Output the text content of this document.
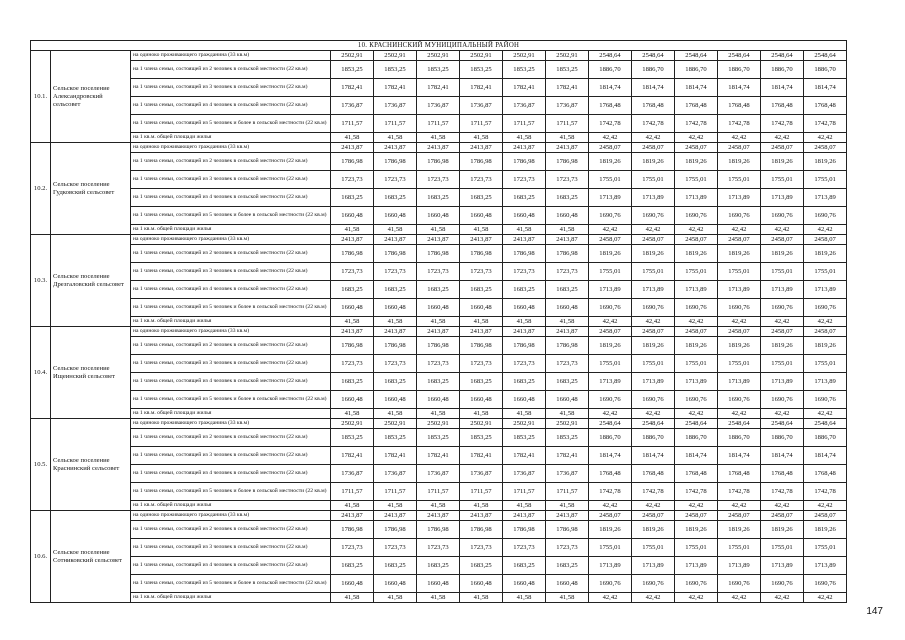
10. КРАСНИНСКИЙ МУНИЦИПАЛЬНЫЙ РАЙОН														
10.1.	Сельское поселение Александровский сельсовет	на одиноко проживающего гражданина (33 кв.м)	2502,91	2502,91	2502,91	2502,91	2502,91	2502,91	2548,64	2548,64	2548,64	2548,64	2548,64	2548,64
		на 1 члена семьи, состоящей из 2 человек в сельской местности (22 кв.м)	1853,25	1853,25	1853,25	1853,25	1853,25	1853,25	1886,70	1886,70	1886,70	1886,70	1886,70	1886,70
		на 1 члена семьи, состоящей из 3 человек в сельской местности (22 кв.м)	1782,41	1782,41	1782,41	1782,41	1782,41	1782,41	1814,74	1814,74	1814,74	1814,74	1814,74	1814,74
		на 1 члена семьи, состоящей из 4 человек в сельской местности (22 кв.м)	1736,87	1736,87	1736,87	1736,87	1736,87	1736,87	1768,48	1768,48	1768,48	1768,48	1768,48	1768,48
		на 1 члена семьи, состоящей из 5 человек и более в сельской местности (22 кв.м)	1711,57	1711,57	1711,57	1711,57	1711,57	1711,57	1742,78	1742,78	1742,78	1742,78	1742,78	1742,78
		на 1 кв.м. общей площади жилья	41,58	41,58	41,58	41,58	41,58	41,58	42,42	42,42	42,42	42,42	42,42	42,42
10.2.	Сельское поселение Гудковский сельсовет	на одиноко проживающего гражданина (33 кв.м)	2413,87	2413,87	2413,87	2413,87	2413,87	2413,87	2458,07	2458,07	2458,07	2458,07	2458,07	2458,07
		на 1 члена семьи, состоящей из 2 человек в сельской местности (22 кв.м)	1786,98	1786,98	1786,98	1786,98	1786,98	1786,98	1819,26	1819,26	1819,26	1819,26	1819,26	1819,26
		на 1 члена семьи, состоящей из 3 человек в сельской местности (22 кв.м)	1723,73	1723,73	1723,73	1723,73	1723,73	1723,73	1755,01	1755,01	1755,01	1755,01	1755,01	1755,01
		на 1 члена семьи, состоящей из 4 человек в сельской местности (22 кв.м)	1683,25	1683,25	1683,25	1683,25	1683,25	1683,25	1713,89	1713,89	1713,89	1713,89	1713,89	1713,89
		на 1 члена семьи, состоящей из 5 человек и более в сельской местности (22 кв.м)	1660,48	1660,48	1660,48	1660,48	1660,48	1660,48	1690,76	1690,76	1690,76	1690,76	1690,76	1690,76
		на 1 кв.м. общей площади жилья	41,58	41,58	41,58	41,58	41,58	41,58	42,42	42,42	42,42	42,42	42,42	42,42
10.3.	Сельское поселение Дрезгаловский сельсовет	на одиноко проживающего гражданина (33 кв.м)	2413,87	2413,87	2413,87	2413,87	2413,87	2413,87	2458,07	2458,07	2458,07	2458,07	2458,07	2458,07
		на 1 члена семьи, состоящей из 2 человек в сельской местности (22 кв.м)	1786,98	1786,98	1786,98	1786,98	1786,98	1786,98	1819,26	1819,26	1819,26	1819,26	1819,26	1819,26
		на 1 члена семьи, состоящей из 3 человек в сельской местности (22 кв.м)	1723,73	1723,73	1723,73	1723,73	1723,73	1723,73	1755,01	1755,01	1755,01	1755,01	1755,01	1755,01
		на 1 члена семьи, состоящей из 4 человек в сельской местности (22 кв.м)	1683,25	1683,25	1683,25	1683,25	1683,25	1683,25	1713,89	1713,89	1713,89	1713,89	1713,89	1713,89
		на 1 члена семьи, состоящей из 5 человек и более в сельской местности (22 кв.м)	1660,48	1660,48	1660,48	1660,48	1660,48	1660,48	1690,76	1690,76	1690,76	1690,76	1690,76	1690,76
		на 1 кв.м. общей площади жилья	41,58	41,58	41,58	41,58	41,58	41,58	42,42	42,42	42,42	42,42	42,42	42,42
10.4.	Сельское поселение Ищеинский сельсовет	на одиноко проживающего гражданина (33 кв.м)	2413,87	2413,87	2413,87	2413,87	2413,87	2413,87	2458,07	2458,07	2458,07	2458,07	2458,07	2458,07
		на 1 члена семьи, состоящей из 2 человек в сельской местности (22 кв.м)	1786,98	1786,98	1786,98	1786,98	1786,98	1786,98	1819,26	1819,26	1819,26	1819,26	1819,26	1819,26
		на 1 члена семьи, состоящей из 3 человек в сельской местности (22 кв.м)	1723,73	1723,73	1723,73	1723,73	1723,73	1723,73	1755,01	1755,01	1755,01	1755,01	1755,01	1755,01
		на 1 члена семьи, состоящей из 4 человек в сельской местности (22 кв.м)	1683,25	1683,25	1683,25	1683,25	1683,25	1683,25	1713,89	1713,89	1713,89	1713,89	1713,89	1713,89
		на 1 члена семьи, состоящей из 5 человек и более в сельской местности (22 кв.м)	1660,48	1660,48	1660,48	1660,48	1660,48	1660,48	1690,76	1690,76	1690,76	1690,76	1690,76	1690,76
		на 1 кв.м. общей площади жилья	41,58	41,58	41,58	41,58	41,58	41,58	42,42	42,42	42,42	42,42	42,42	42,42
10.5.	Сельское поселение Краснинский сельсовет	на одиноко проживающего гражданина (33 кв.м)	2502,91	2502,91	2502,91	2502,91	2502,91	2502,91	2548,64	2548,64	2548,64	2548,64	2548,64	2548,64
		на 1 члена семьи, состоящей из 2 человек в сельской местности (22 кв.м)	1853,25	1853,25	1853,25	1853,25	1853,25	1853,25	1886,70	1886,70	1886,70	1886,70	1886,70	1886,70
		на 1 члена семьи, состоящей из 3 человек в сельской местности (22 кв.м)	1782,41	1782,41	1782,41	1782,41	1782,41	1782,41	1814,74	1814,74	1814,74	1814,74	1814,74	1814,74
		на 1 члена семьи, состоящей из 4 человек в сельской местности (22 кв.м)	1736,87	1736,87	1736,87	1736,87	1736,87	1736,87	1768,48	1768,48	1768,48	1768,48	1768,48	1768,48
		на 1 члена семьи, состоящей из 5 человек и более в сельской местности (22 кв.м)	1711,57	1711,57	1711,57	1711,57	1711,57	1711,57	1742,78	1742,78	1742,78	1742,78	1742,78	1742,78
		на 1 кв.м. общей площади жилья	41,58	41,58	41,58	41,58	41,58	41,58	42,42	42,42	42,42	42,42	42,42	42,42
10.6.	Сельское поселение Сотниковский сельсовет	на одиноко проживающего гражданина (33 кв.м)	2413,87	2413,87	2413,87	2413,87	2413,87	2413,87	2458,07	2458,07	2458,07	2458,07	2458,07	2458,07
		на 1 члена семьи, состоящей из 2 человек в сельской местности (22 кв.м)	1786,98	1786,98	1786,98	1786,98	1786,98	1786,98	1819,26	1819,26	1819,26	1819,26	1819,26	1819,26
		на 1 члена семьи, состоящей из 3 человек в сельской местности (22 кв.м)	1723,73	1723,73	1723,73	1723,73	1723,73	1723,73	1755,01	1755,01	1755,01	1755,01	1755,01	1755,01
		на 1 члена семьи, состоящей из 4 человек в сельской местности (22 кв.м)	1683,25	1683,25	1683,25	1683,25	1683,25	1683,25	1713,89	1713,89	1713,89	1713,89	1713,89	1713,89
		на 1 члена семьи, состоящей из 5 человек и более в сельской местности (22 кв.м)	1660,48	1660,48	1660,48	1660,48	1660,48	1660,48	1690,76	1690,76	1690,76	1690,76	1690,76	1690,76
		на 1 кв.м. общей площади жилья	41,58	41,58	41,58	41,58	41,58	41,58	42,42	42,42	42,42	42,42	42,42	42,42
147
